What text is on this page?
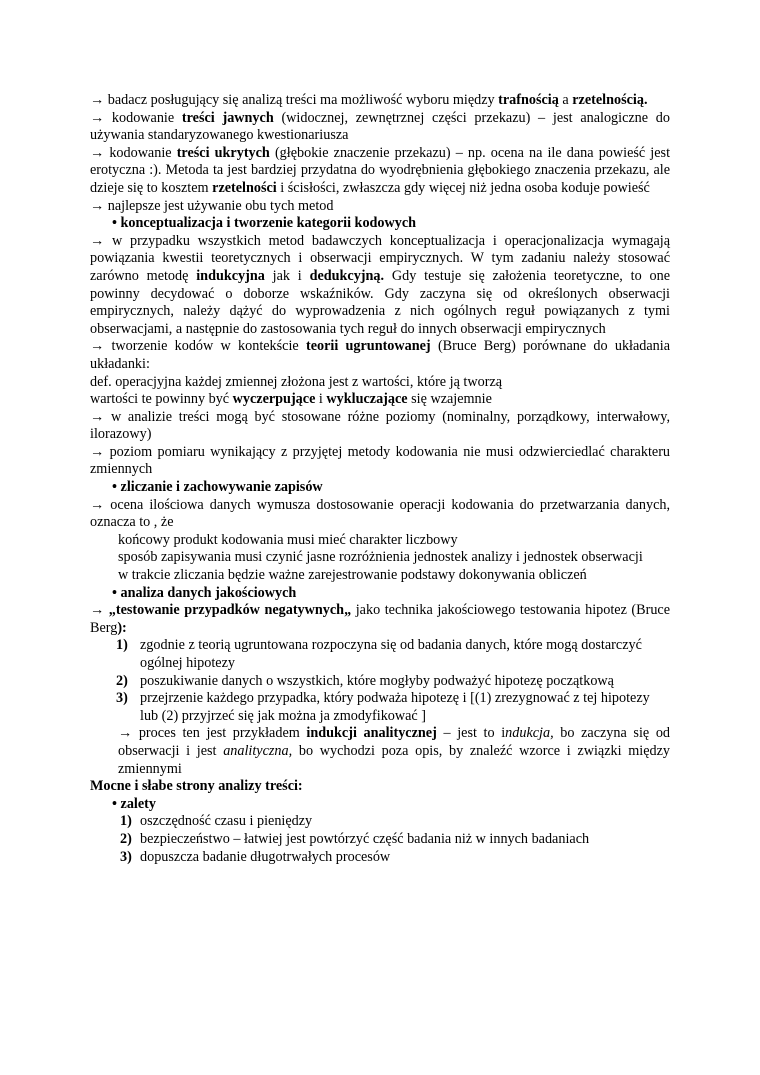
→ badacz posługujący się analizą treści ma możliwość wyboru między trafnością a rzetelnością.

→ kodowanie treści jawnych (widocznej, zewnętrznej części przekazu) – jest analogiczne do używania standaryzowanego kwestionariusza

→ kodowanie treści ukrytych (głębokie znaczenie przekazu) – np. ocena na ile dana powieść jest erotyczna :). Metoda ta jest bardziej przydatna do wyodrębnienia głębokiego znaczenia przekazu, ale dzieje się to kosztem rzetelności i ścisłości, zwłaszcza gdy więcej niż jedna osoba koduje powieść

→ najlepsze jest używanie obu tych metod

• konceptualizacja i tworzenie kategorii kodowych

→ w przypadku wszystkich metod badawczych konceptualizacja i operacjonalizacja wymagają powiązania kwestii teoretycznych i obserwacji empirycznych. W tym zadaniu należy stosować zarówno metodę indukcyjna jak i dedukcyjną. Gdy testuje się założenia teoretyczne, to one powinny decydować o doborze wskaźników. Gdy zaczyna się od określonych obserwacji empirycznych, należy dążyć do wyprowadzenia z nich ogólnych reguł powiązanych z tymi obserwacjami, a następnie do zastosowania tych reguł do innych obserwacji empirycznych

→ tworzenie kodów w kontekście teorii ugruntowanej (Bruce Berg) porównane do układania układanki:

def. operacjyjna każdej zmiennej złożona jest z wartości, które ją tworzą

wartości te powinny być wyczerpujące i wykluczające się wzajemnie

→ w analizie treści mogą być stosowane różne poziomy (nominalny, porządkowy, interwałowy, ilorazowy)

→ poziom pomiaru wynikający z przyjętej metody kodowania nie musi odzwierciedlać charakteru zmiennych

• zliczanie i zachowywanie zapisów

→ ocena ilościowa danych wymusza dostosowanie operacji kodowania do przetwarzania danych, oznacza to , że

końcowy produkt kodowania musi mieć charakter liczbowy

sposób zapisywania musi czynić jasne rozróżnienia jednostek analizy i jednostek obserwacji

w trakcie zliczania będzie ważne zarejestrowanie podstawy dokonywania obliczeń

• analiza danych jakościowych

→ „testowanie przypadków negatywnych„ jako technika jakościowego testowania hipotez (Bruce Berg):

1) zgodnie z teorią ugruntowana rozpoczyna się od badania danych, które mogą dostarczyć ogólnej hipotezy
2) poszukiwanie danych o wszystkich, które mogłyby podważyć hipotezę początkową
3) przejrzenie każdego przypadka, który podważa hipotezę i [(1) zrezygnować z tej hipotezy lub (2) przyjrzeć się jak można ja zmodyfikować ]

→ proces ten jest przykładem indukcji analitycznej – jest to indukcja, bo zaczyna się od obserwacji i jest analityczna, bo wychodzi poza opis, by znaleźć wzorce i związki między zmiennymi

Mocne i słabe strony analizy treści:

• zalety

1) oszczędność czasu i pieniędzy
2) bezpieczeństwo – łatwiej jest powtórzyć część badania niż w innych badaniach
3) dopuszcza badanie długotrwałych procesów
